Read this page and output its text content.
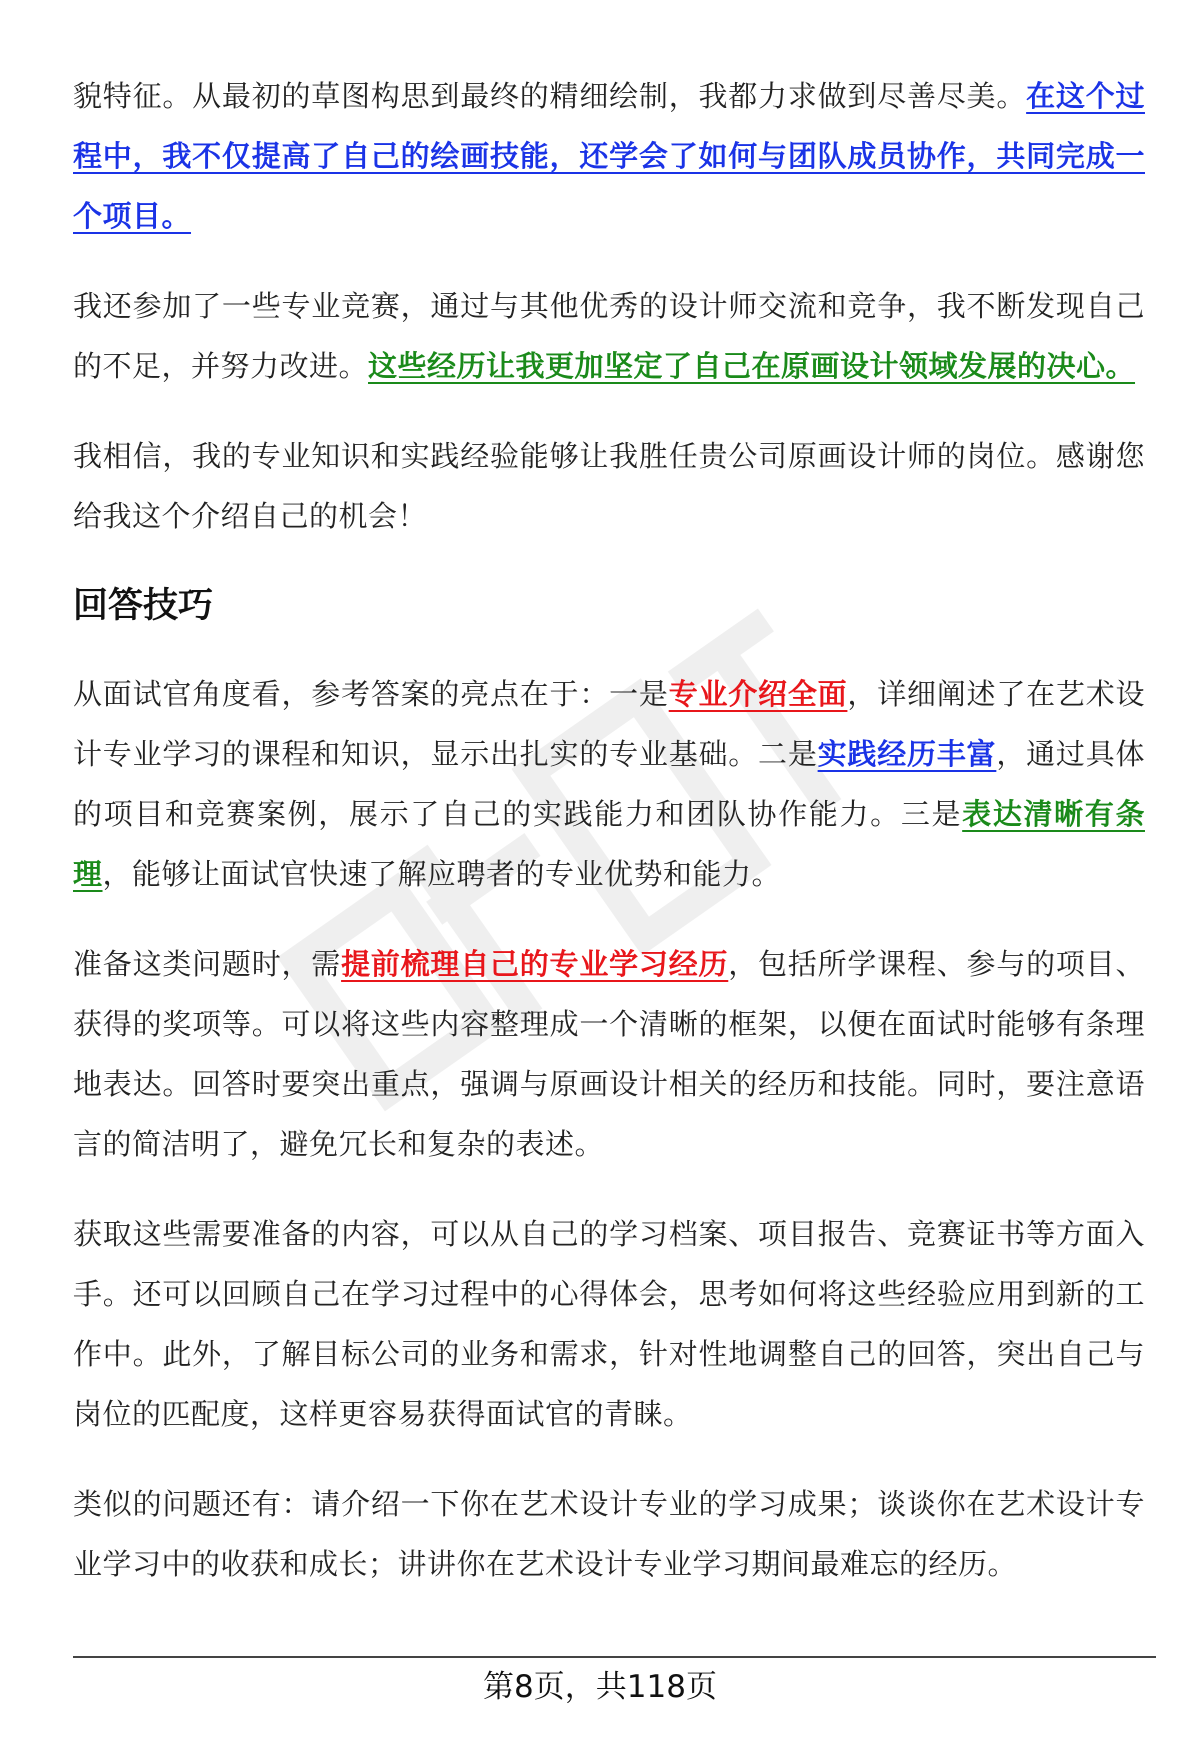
貌特征。从最初的草图构思到最终的精细绘制，我都力求做到尽善尽美。在这个过程中，我不仅提高了自己的绘画技能，还学会了如何与团队成员协作，共同完成一个项目。

我还参加了一些专业竞赛，通过与其他优秀的设计师交流和竞争，我不断发现自己的不足，并努力改进。这些经历让我更加坚定了自己在原画设计领域发展的决心。

我相信，我的专业知识和实践经验能够让我胜任贵公司原画设计师的岗位。感谢您给我这个介绍自己的机会！

回答技巧

从面试官角度看，参考答案的亮点在于：一是专业介绍全面，详细阐述了在艺术设计专业学习的课程和知识，显示出扎实的专业基础。二是实践经历丰富，通过具体的项目和竞赛案例，展示了自己的实践能力和团队协作能力。三是表达清晰有条理，能够让面试官快速了解应聘者的专业优势和能力。

准备这类问题时，需提前梳理自己的专业学习经历，包括所学课程、参与的项目、获得的奖项等。可以将这些内容整理成一个清晰的框架，以便在面试时能够有条理地表达。回答时要突出重点，强调与原画设计相关的经历和技能。同时，要注意语言的简洁明了，避免冗长和复杂的表述。

获取这些需要准备的内容，可以从自己的学习档案、项目报告、竞赛证书等方面入手。还可以回顾自己在学习过程中的心得体会，思考如何将这些经验应用到新的工作中。此外，了解目标公司的业务和需求，针对性地调整自己的回答，突出自己与岗位的匹配度，这样更容易获得面试官的青睐。

类似的问题还有：请介绍一下你在艺术设计专业的学习成果；谈谈你在艺术设计专业学习中的收获和成长；讲讲你在艺术设计专业学习期间最难忘的经历。

第8页，共118页
